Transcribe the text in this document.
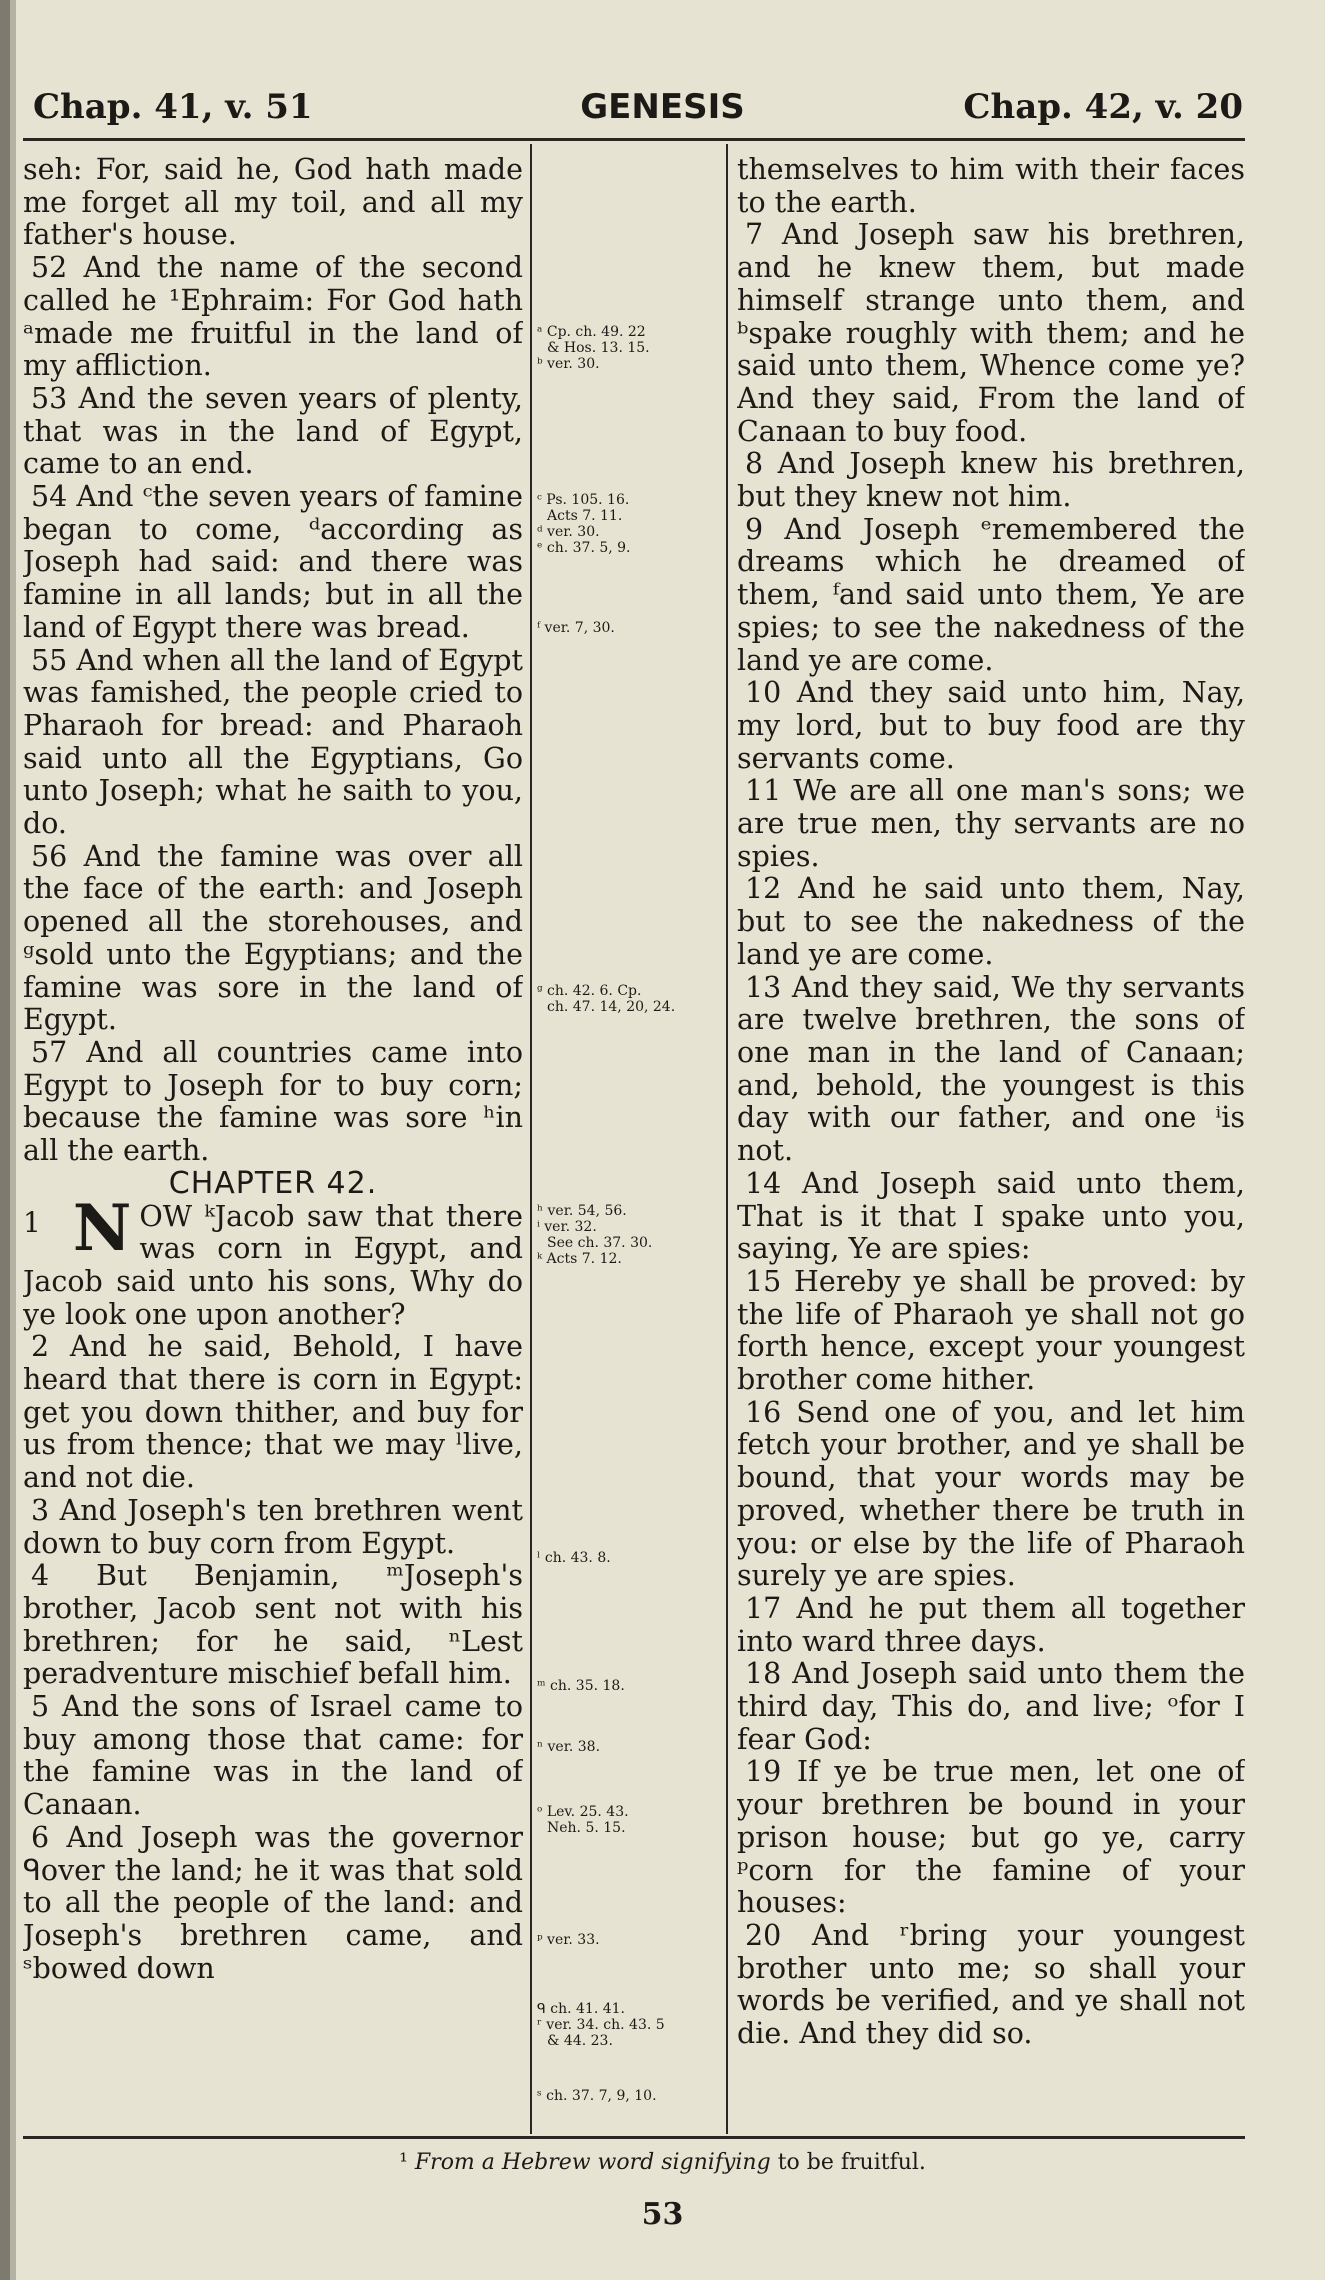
Chap. 41, v. 51	GENESIS	Chap. 42, v. 20

seh: For, said he, God hath made me forget all my toil, and all my father's house.

52 And the name of the second called he ¹Ephraim: For God hath ᵃmade me fruitful in the land of my affliction.

53 And the seven years of plenty, that was in the land of Egypt, came to an end.

54 And ᶜthe seven years of famine began to come, ᵈaccording as Joseph had said: and there was famine in all lands; but in all the land of Egypt there was bread.

55 And when all the land of Egypt was famished, the people cried to Pharaoh for bread: and Pharaoh said unto all the Egyptians, Go unto Joseph; what he saith to you, do.

56 And the famine was over all the face of the earth: and Joseph opened all the storehouses, and ᵍsold unto the Egyptians; and the famine was sore in the land of Egypt.

57 And all countries came into Egypt to Joseph for to buy corn; because the famine was sore ʰin all the earth.

CHAPTER 42.

1 N OW ᵏJacob saw that there was corn in Egypt, and Jacob said unto his sons, Why do ye look one upon another?

2 And he said, Behold, I have heard that there is corn in Egypt: get you down thither, and buy for us from thence; that we may ˡlive, and not die.

3 And Joseph's ten brethren went down to buy corn from Egypt.

4 But Benjamin, ᵐJoseph's brother, Jacob sent not with his brethren; for he said, ⁿLest peradventure mischief befall him.

5 And the sons of Israel came to buy among those that came: for the famine was in the land of Canaan.

6 And Joseph was the governor ᑫover the land; he it was that sold to all the people of the land: and Joseph's brethren came, and ˢbowed down

ᵃ Cp. ch. 49. 22
& Hos. 13. 15.
ᵇ ver. 30.
ᶜ Ps. 105. 16.
Acts 7. 11.
ᵈ ver. 30.
ᵉ ch. 37. 5, 9.
ᶠ ver. 7, 30.
ᵍ ch. 42. 6. Cp.
ch. 47. 14, 20, 24.
ʰ ver. 54, 56.
ⁱ ver. 32.
See ch. 37. 30.
ᵏ Acts 7. 12.
ˡ ch. 43. 8.
ᵐ ch. 35. 18.
ⁿ ver. 38.
ᵒ Lev. 25. 43.
Neh. 5. 15.
ᵖ ver. 33.
ᑫ ch. 41. 41.
ʳ ver. 34. ch. 43. 5
& 44. 23.
ˢ ch. 37. 7, 9, 10.

themselves to him with their faces to the earth.

7 And Joseph saw his brethren, and he knew them, but made himself strange unto them, and ᵇspake roughly with them; and he said unto them, Whence come ye? And they said, From the land of Canaan to buy food.

8 And Joseph knew his brethren, but they knew not him.

9 And Joseph ᵉremembered the dreams which he dreamed of them, ᶠand said unto them, Ye are spies; to see the nakedness of the land ye are come.

10 And they said unto him, Nay, my lord, but to buy food are thy servants come.

11 We are all one man's sons; we are true men, thy servants are no spies.

12 And he said unto them, Nay, but to see the nakedness of the land ye are come.

13 And they said, We thy servants are twelve brethren, the sons of one man in the land of Canaan; and, behold, the youngest is this day with our father, and one ⁱis not.

14 And Joseph said unto them, That is it that I spake unto you, saying, Ye are spies:

15 Hereby ye shall be proved: by the life of Pharaoh ye shall not go forth hence, except your youngest brother come hither.

16 Send one of you, and let him fetch your brother, and ye shall be bound, that your words may be proved, whether there be truth in you: or else by the life of Pharaoh surely ye are spies.

17 And he put them all together into ward three days.

18 And Joseph said unto them the third day, This do, and live; ᵒfor I fear God:

19 If ye be true men, let one of your brethren be bound in your prison house; but go ye, carry ᵖcorn for the famine of your houses:

20 And ʳbring your youngest brother unto me; so shall your words be verified, and ye shall not die. And they did so.

¹ From a Hebrew word signifying to be fruitful.
53
